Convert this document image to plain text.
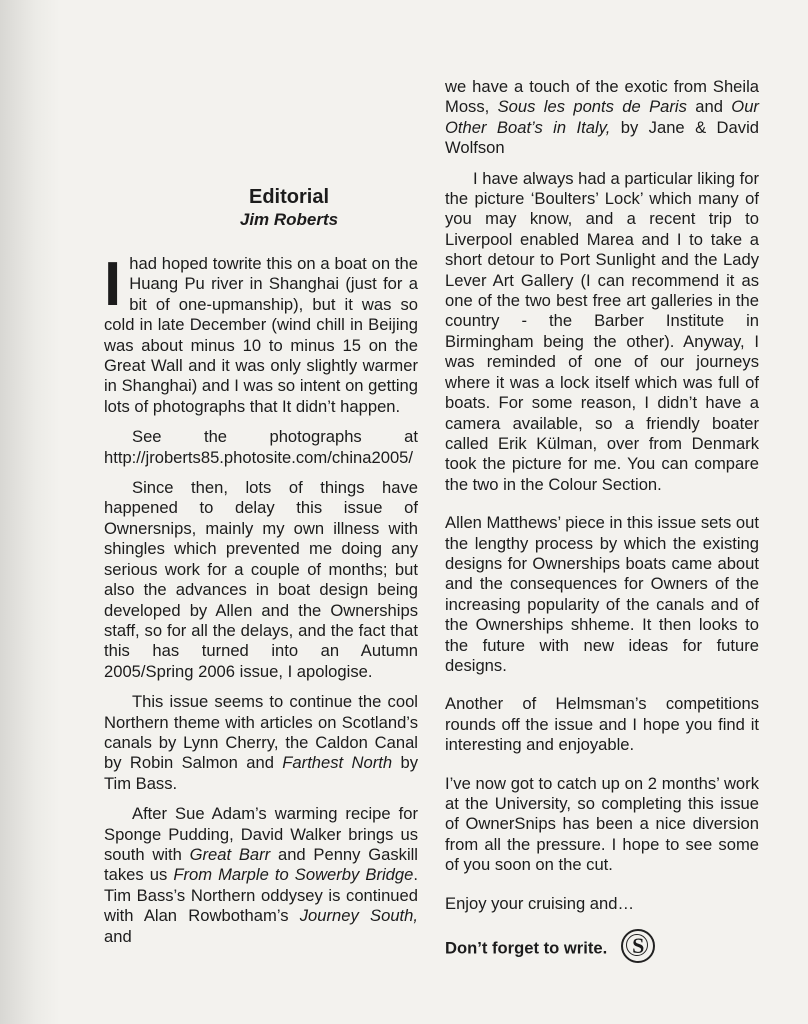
Editorial
Jim Roberts

Ihad hoped towrite this on a boat on the Huang Pu river in Shanghai (just for a bit of one-upmanship), but it was so cold in late December (wind chill in Beijing was about minus 10 to minus 15 on the Great Wall and it was only slightly warmer in Shanghai) and I was so intent on getting lots of photographs that It didn’t happen.

See the photographs at http://jroberts85.photosite.com/china2005/

Since then, lots of things have happened to delay this issue of Ownersnips, mainly my own illness with shingles which prevented me doing any serious work for a couple of months; but also the advances in boat design being developed by Allen and the Ownerships staff, so for all the delays, and the fact that this has turned into an Autumn 2005/Spring 2006 issue, I apologise.

This issue seems to continue the cool Northern theme with articles on Scotland’s canals by Lynn Cherry, the Caldon Canal by Robin Salmon and Farthest North by Tim Bass.

After Sue Adam’s warming recipe for Sponge Pudding, David Walker brings us south with Great Barr and Penny Gaskill takes us From Marple to Sowerby Bridge. Tim Bass’s Northern oddysey is continued with Alan Rowbotham’s Journey South, and

we have a touch of the exotic from Sheila Moss, Sous les ponts de Paris and Our Other Boat’s in Italy, by Jane & David Wolfson

I have always had a particular liking for the picture ‘Boulters’ Lock’ which many of you may know, and a recent trip to Liverpool enabled Marea and I to take a short detour to Port Sunlight and the Lady Lever Art Gallery (I can recommend it as one of the two best free art galleries in the country - the Barber Institute in Birmingham being the other). Anyway, I was reminded of one of our journeys where it was a lock itself which was full of boats. For some reason, I didn’t have a camera available, so a friendly boater called Erik Külman, over from Denmark took the picture for me. You can compare the two in the Colour Section.

Allen Matthews’ piece in this issue sets out the lengthy process by which the existing designs for Ownerships boats came about and the consequences for Owners of the increasing popularity of the canals and of the Ownerships shheme. It then looks to the future with new ideas for future designs.

Another of Helmsman’s competitions rounds off the issue and I hope you find it interesting and enjoyable.

I’ve now got to catch up on 2 months’ work at the University, so completing this issue of OwnerSnips has been a nice diversion from all the pressure. I hope to see some of you soon on the cut.

Enjoy your cruising and…

Don’t forget to write. S
